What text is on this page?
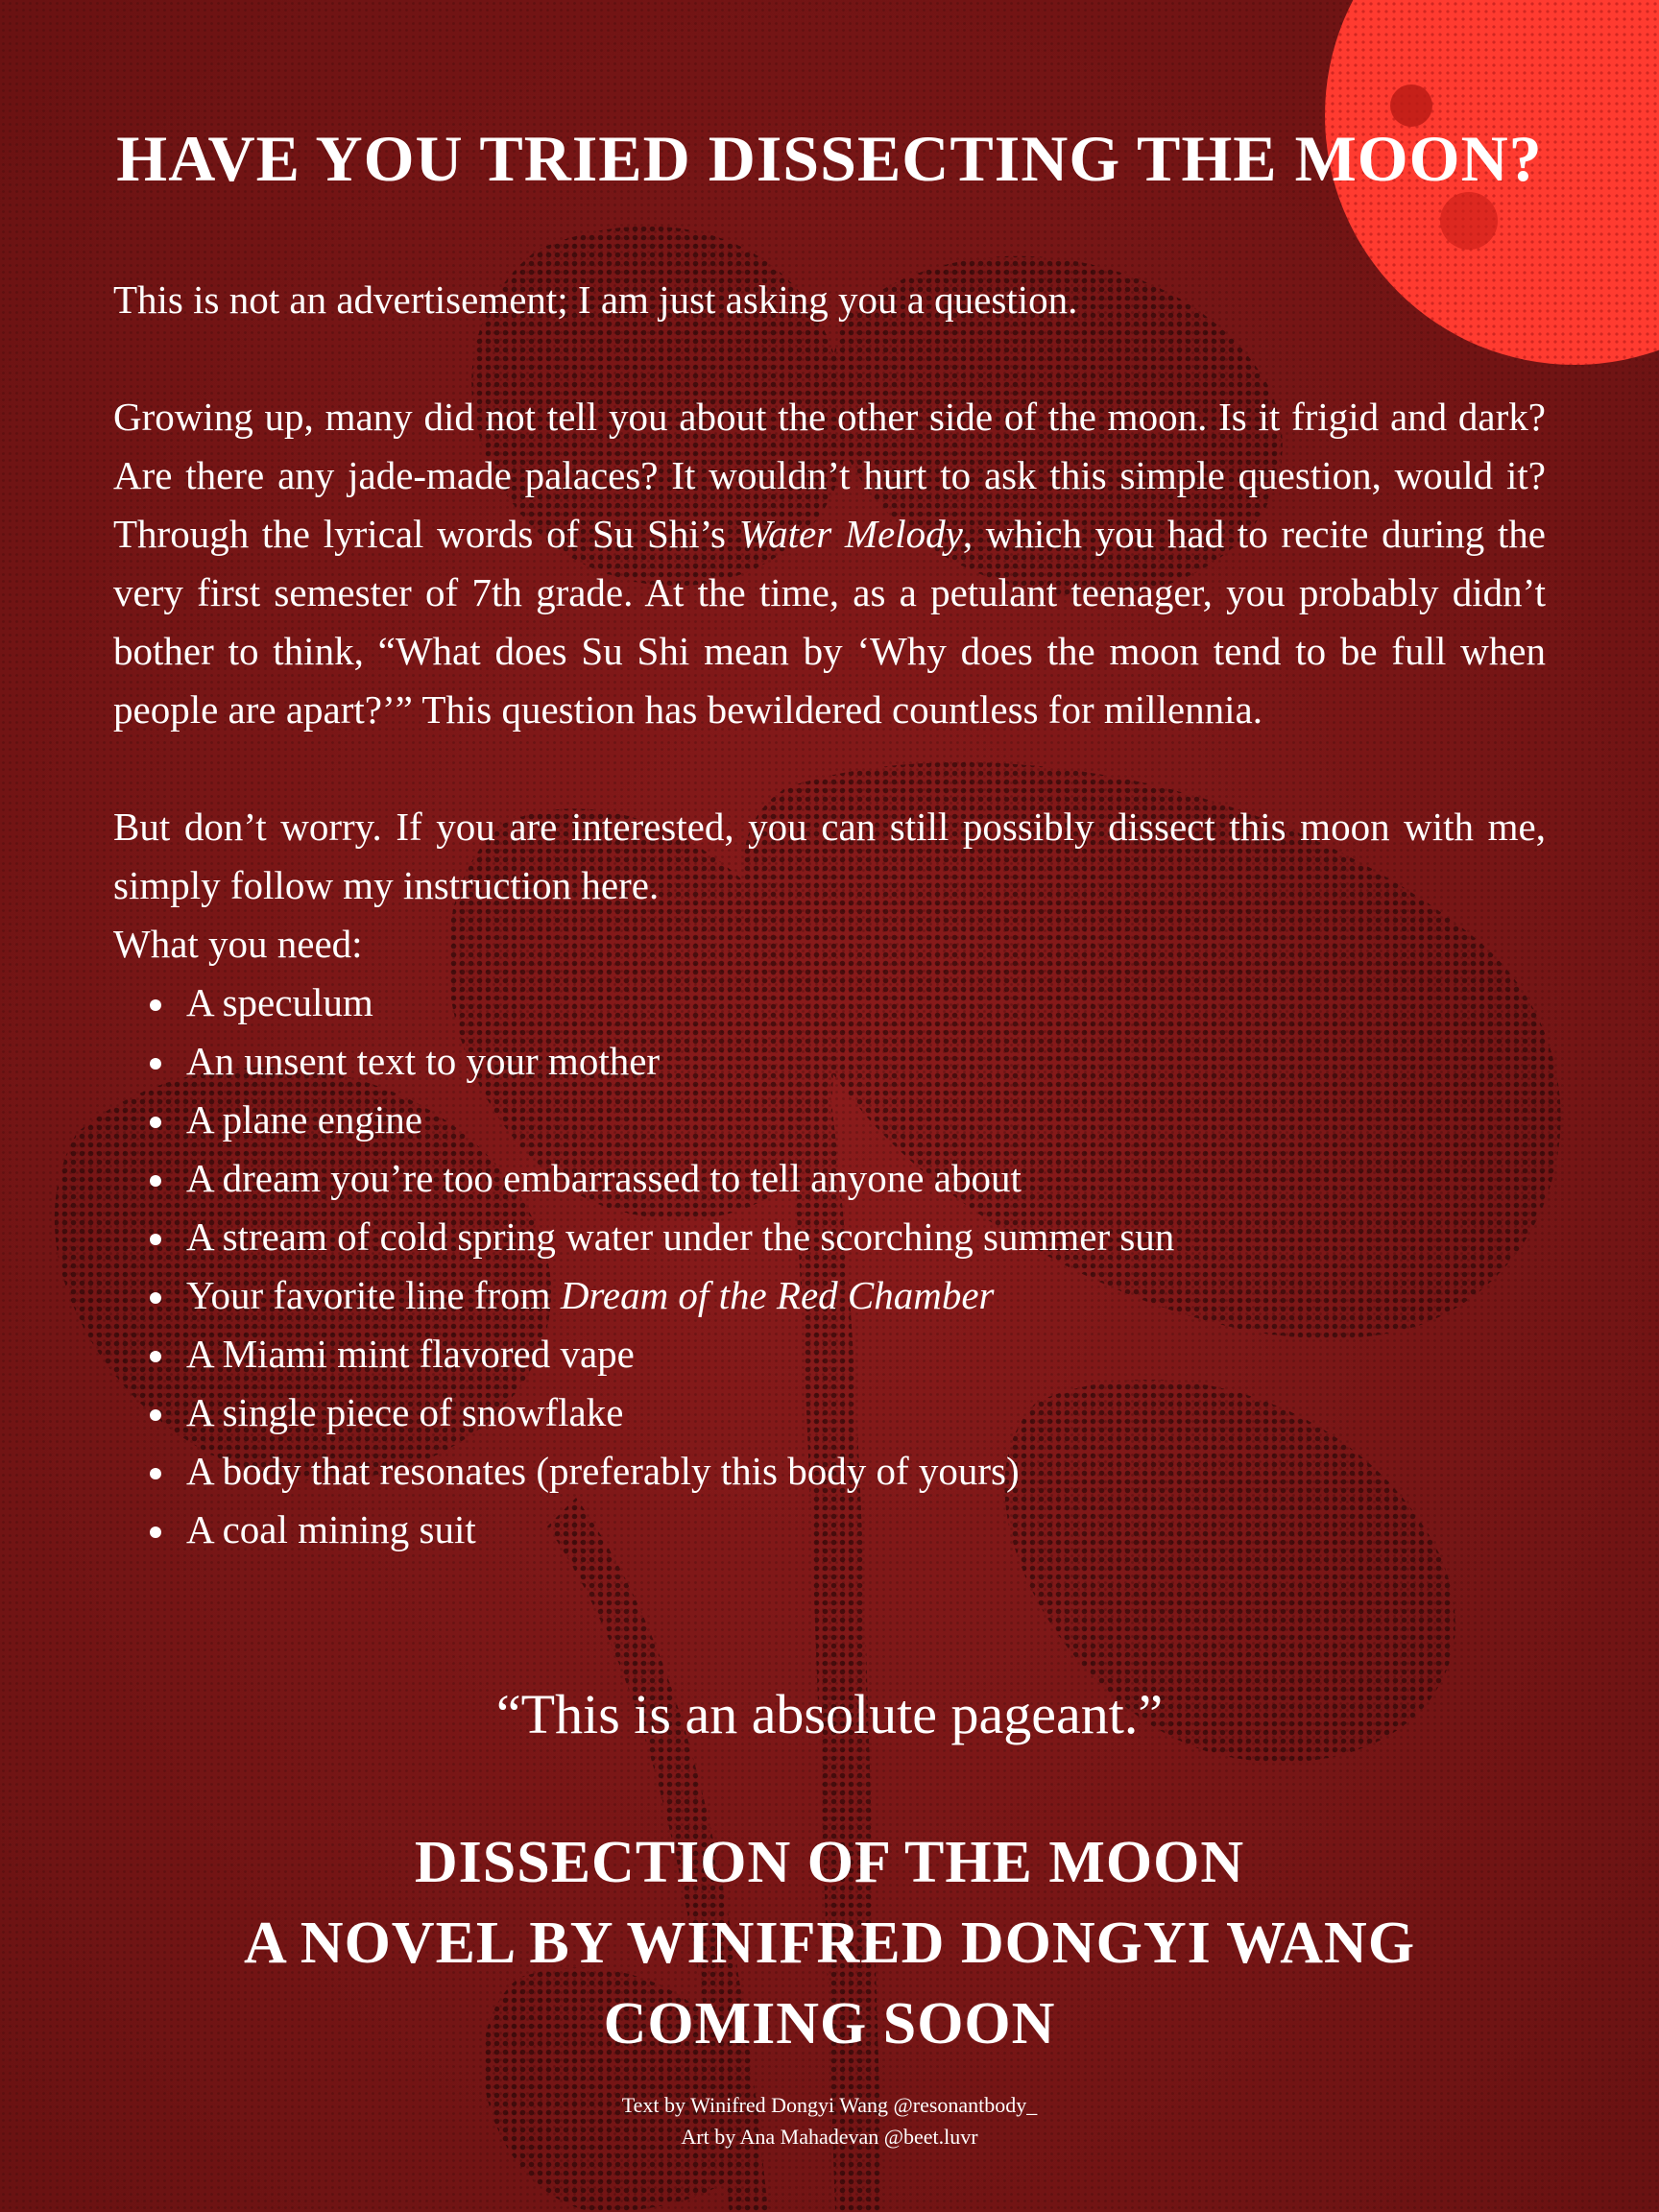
HAVE YOU TRIED DISSECTING THE MOON?

This is not an advertisement; I am just asking you a question.

Growing up, many did not tell you about the other side of the moon. Is it frigid and dark? Are there any jade-made palaces? It wouldn’t hurt to ask this simple question, would it? Through the lyrical words of Su Shi’s Water Melody, which you had to recite during the very first semester of 7th grade. At the time, as a petulant teenager, you probably didn’t bother to think, “What does Su Shi mean by ‘Why does the moon tend to be full when people are apart?’” This question has bewildered countless for millennia.

But don’t worry. If you are interested, you can still possibly dissect this moon with me, simply follow my instruction here.

What you need:

A speculum
An unsent text to your mother
A plane engine
A dream you’re too embarrassed to tell anyone about
A stream of cold spring water under the scorching summer sun
Your favorite line from Dream of the Red Chamber
A Miami mint flavored vape
A single piece of snowflake
A body that resonates (preferably this body of yours)
A coal mining suit

“This is an absolute pageant.”

DISSECTION OF THE MOON
A NOVEL BY WINIFRED DONGYI WANG
COMING SOON
Text by Winifred Dongyi Wang @resonantbody_
Art by Ana Mahadevan @beet.luvr
